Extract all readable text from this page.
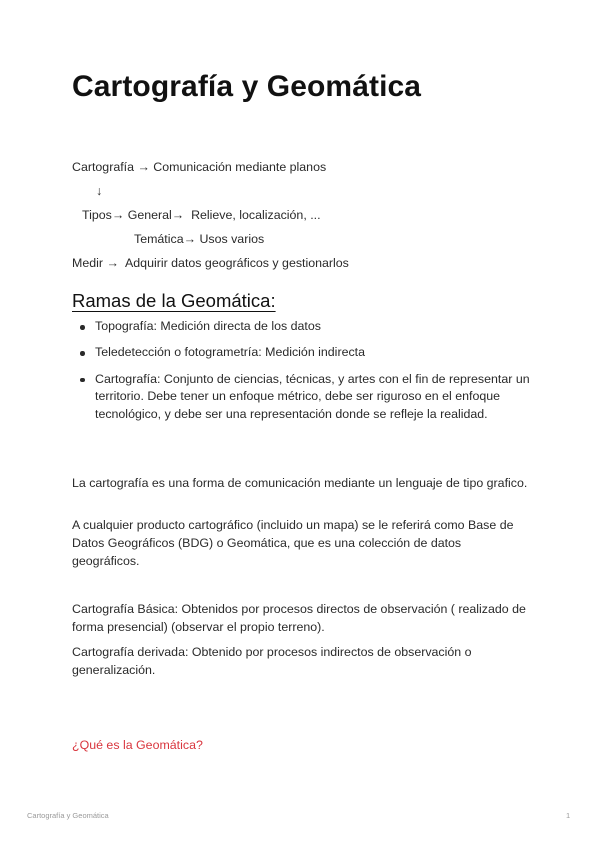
Cartografía y Geomática
Cartografía → Comunicación mediante planos
↓
Tipos→ General→ Relieve, localización, ...
Temática→ Usos varios
Medir → Adquirir datos geográficos y gestionarlos
Ramas de la Geomática:
Topografía: Medición directa de los datos
Teledetección o fotogrametría: Medición indirecta
Cartografía: Conjunto de ciencias, técnicas, y artes con el fin de representar un territorio. Debe tener un enfoque métrico, debe ser riguroso en el enfoque tecnológico, y debe ser una representación donde se refleje la realidad.
La cartografía es una forma de comunicación mediante un lenguaje de tipo grafico.
A cualquier producto cartográfico (incluido un mapa) se le referirá como Base de Datos Geográficos (BDG) o Geomática, que es una colección de datos geográficos.
Cartografía Básica: Obtenidos por procesos directos de observación ( realizado de forma presencial) (observar el propio terreno).
Cartografía derivada: Obtenido por procesos indirectos de observación o generalización.
¿Qué es la Geomática?
Cartografía y Geomática	1
